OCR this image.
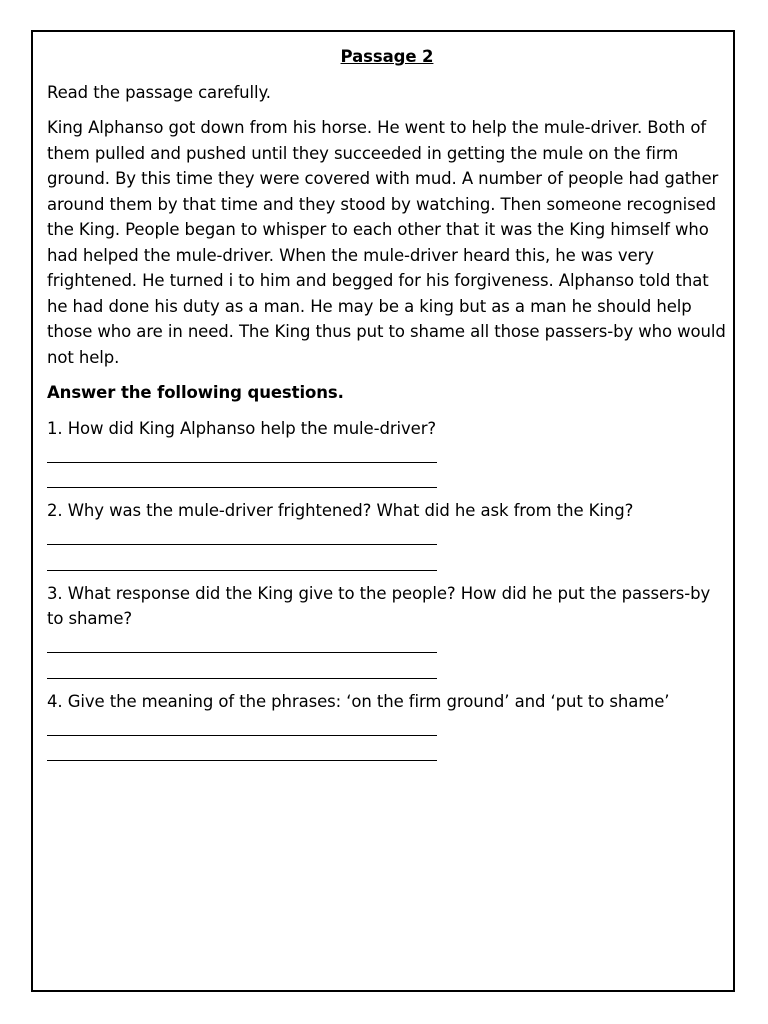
Passage 2

Read the passage carefully.

King Alphanso got down from his horse. He went to help the mule-driver. Both of them pulled and pushed until they succeeded in getting the mule on the firm ground. By this time they were covered with mud. A number of people had gather around them by that time and they stood by watching. Then someone recognised the King. People began to whisper to each other that it was the King himself who had helped the mule-driver. When the mule-driver heard this, he was very frightened. He turned i to him and begged for his forgiveness. Alphanso told that he had done his duty as a man. He may be a king but as a man he should help those who are in need. The King thus put to shame all those passers-by who would not help.

Answer the following questions.

1. How did King Alphanso help the mule-driver?
2. Why was the mule-driver frightened? What did he ask from the King?
3. What response did the King give to the people? How did he put the passers-by to shame?
4. Give the meaning of the phrases: ‘on the firm ground’ and ‘put to shame’
